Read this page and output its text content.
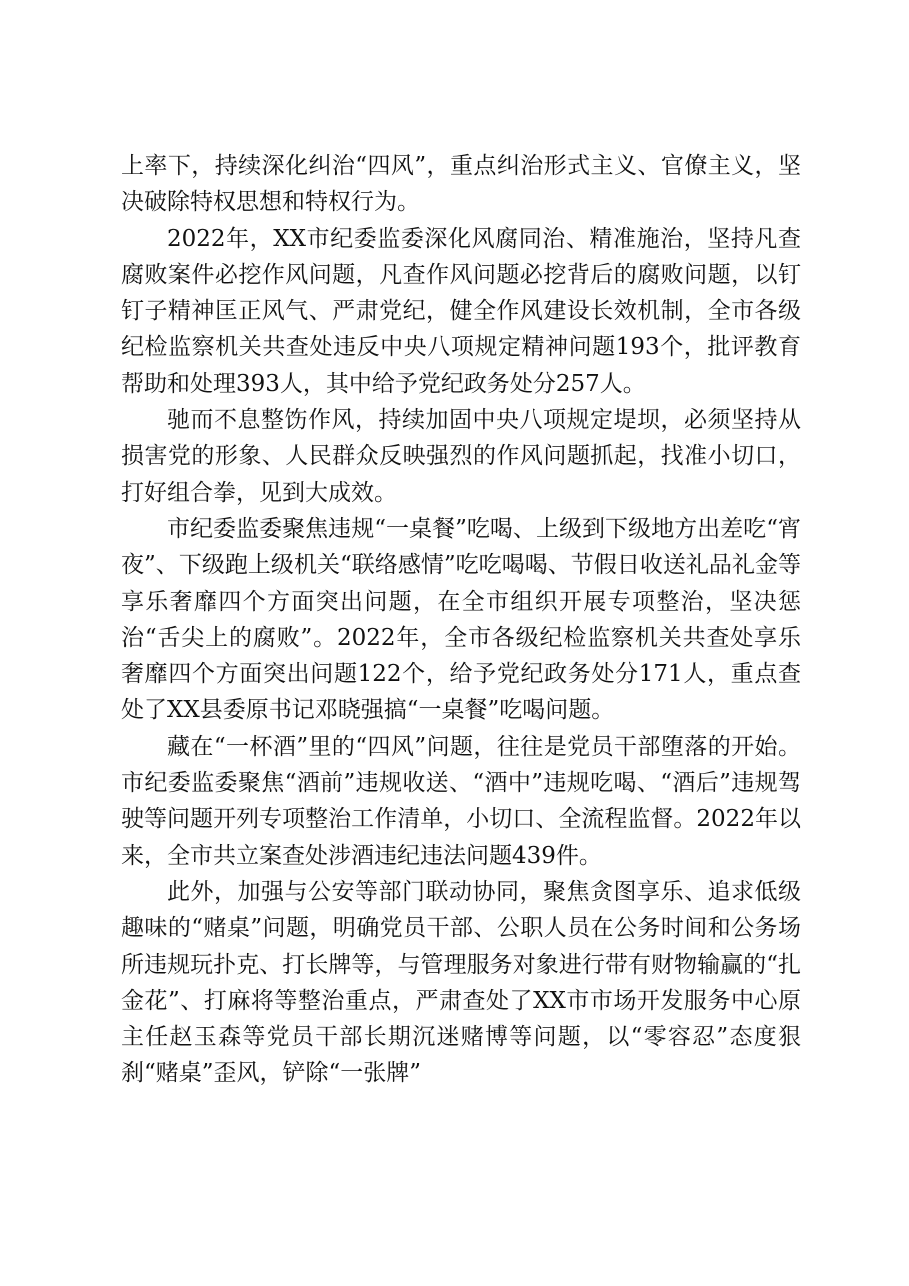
上率下，持续深化纠治“四风”，重点纠治形式主义、官僚主义，坚决破除特权思想和特权行为。

2022年，XX市纪委监委深化风腐同治、精准施治，坚持凡查腐败案件必挖作风问题，凡查作风问题必挖背后的腐败问题，以钉钉子精神匡正风气、严肃党纪，健全作风建设长效机制，全市各级纪检监察机关共查处违反中央八项规定精神问题193个，批评教育帮助和处理393人，其中给予党纪政务处分257人。

驰而不息整饬作风，持续加固中央八项规定堤坝，必须坚持从损害党的形象、人民群众反映强烈的作风问题抓起，找准小切口，打好组合拳，见到大成效。

市纪委监委聚焦违规“一桌餐”吃喝、上级到下级地方出差吃“宵夜”、下级跑上级机关“联络感情”吃吃喝喝、节假日收送礼品礼金等享乐奢靡四个方面突出问题，在全市组织开展专项整治，坚决惩治“舌尖上的腐败”。2022年，全市各级纪检监察机关共查处享乐奢靡四个方面突出问题122个，给予党纪政务处分171人，重点查处了XX县委原书记邓晓强搞“一桌餐”吃喝问题。

藏在“一杯酒”里的“四风”问题，往往是党员干部堕落的开始。市纪委监委聚焦“酒前”违规收送、“酒中”违规吃喝、“酒后”违规驾驶等问题开列专项整治工作清单，小切口、全流程监督。2022年以来，全市共立案查处涉酒违纪违法问题439件。

此外，加强与公安等部门联动协同，聚焦贪图享乐、追求低级趣味的“赌桌”问题，明确党员干部、公职人员在公务时间和公务场所违规玩扑克、打长牌等，与管理服务对象进行带有财物输赢的“扎金花”、打麻将等整治重点，严肃查处了XX市市场开发服务中心原主任赵玉森等党员干部长期沉迷赌博等问题，以“零容忍”态度狠刹“赌桌”歪风，铲除“一张牌”
